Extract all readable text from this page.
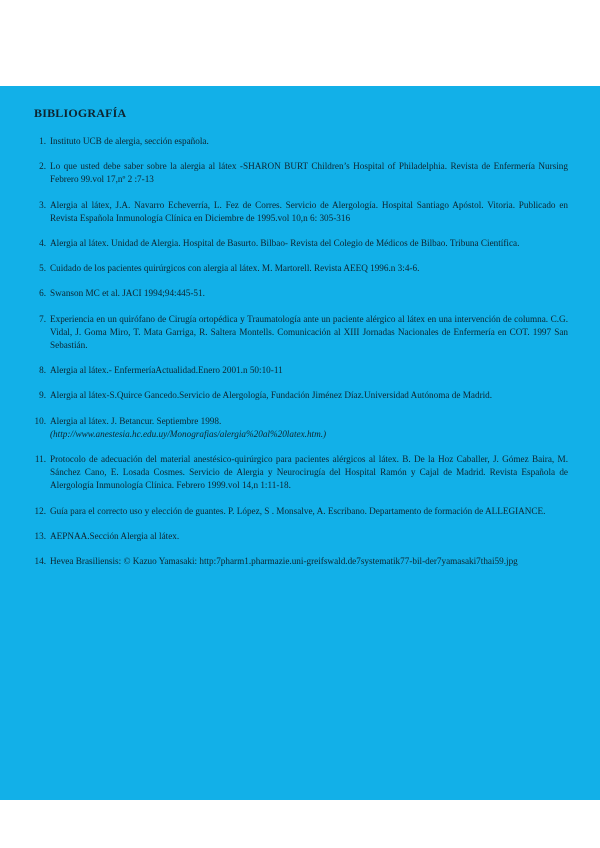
BIBLIOGRAFÍA
1. Instituto UCB de alergia, sección española.
2. Lo que usted debe saber sobre la alergia al látex -SHARON BURT Children’s Hospital of Philadelphia. Revista de Enfermería Nursing Febrero 99.vol 17,nº 2 :7-13
3. Alergia al látex, J.A. Navarro Echeverría, L. Fez de Corres. Servicio de Alergología. Hospital Santiago Apóstol. Vitoria. Publicado en Revista Española Inmunología Clínica en Diciembre de 1995.vol 10,n 6: 305-316
4. Alergia al látex. Unidad de Alergia. Hospital de Basurto. Bilbao- Revista del Colegio de Médicos de Bilbao. Tribuna Científica.
5. Cuidado de los pacientes quirúrgicos con alergia al látex. M. Martorell. Revista AEEQ 1996.n 3:4-6.
6. Swanson MC et al. JACI 1994;94:445-51.
7. Experiencia en un quirófano de Cirugía ortopédica y Traumatología ante un paciente alérgico al látex en una intervención de columna. C.G. Vidal, J. Goma Miro, T. Mata Garriga, R. Saltera Montells. Comunicación al XIII Jornadas Nacionales de Enfermería en COT. 1997 San Sebastián.
8. Alergia al látex.- EnfermeríaActualidad.Enero 2001.n 50:10-11
9. Alergia al látex-S.Quirce Gancedo.Servicio de Alergología, Fundación Jiménez Díaz.Universidad Autónoma de Madrid.
10. Alergia al látex. J. Betancur. Septiembre 1998.
(http://www.anestesia.hc.edu.uy/Monografias/alergia%20al%20latex.htm.)
11. Protocolo de adecuación del material anestésico-quirúrgico para pacientes alérgicos al látex. B. De la Hoz Caballer, J. Gómez Baira, M. Sánchez Cano, E. Losada Cosmes. Servicio de Alergia y Neurocirugía del Hospital Ramón y Cajal de Madrid. Revista Española de Alergología Inmunología Clínica. Febrero 1999.vol 14,n 1:11-18.
12. Guía para el correcto uso y elección de guantes. P. López, S . Monsalve, A. Escribano. Departamento de formación de ALLEGIANCE.
13. AEPNAA.Sección Alergia al látex.
14. Hevea Brasiliensis: © Kazuo Yamasaki: http:7pharm1.pharmazie.uni-greifswald.de7systematik77-bil-der7yamasaki7thai59.jpg
